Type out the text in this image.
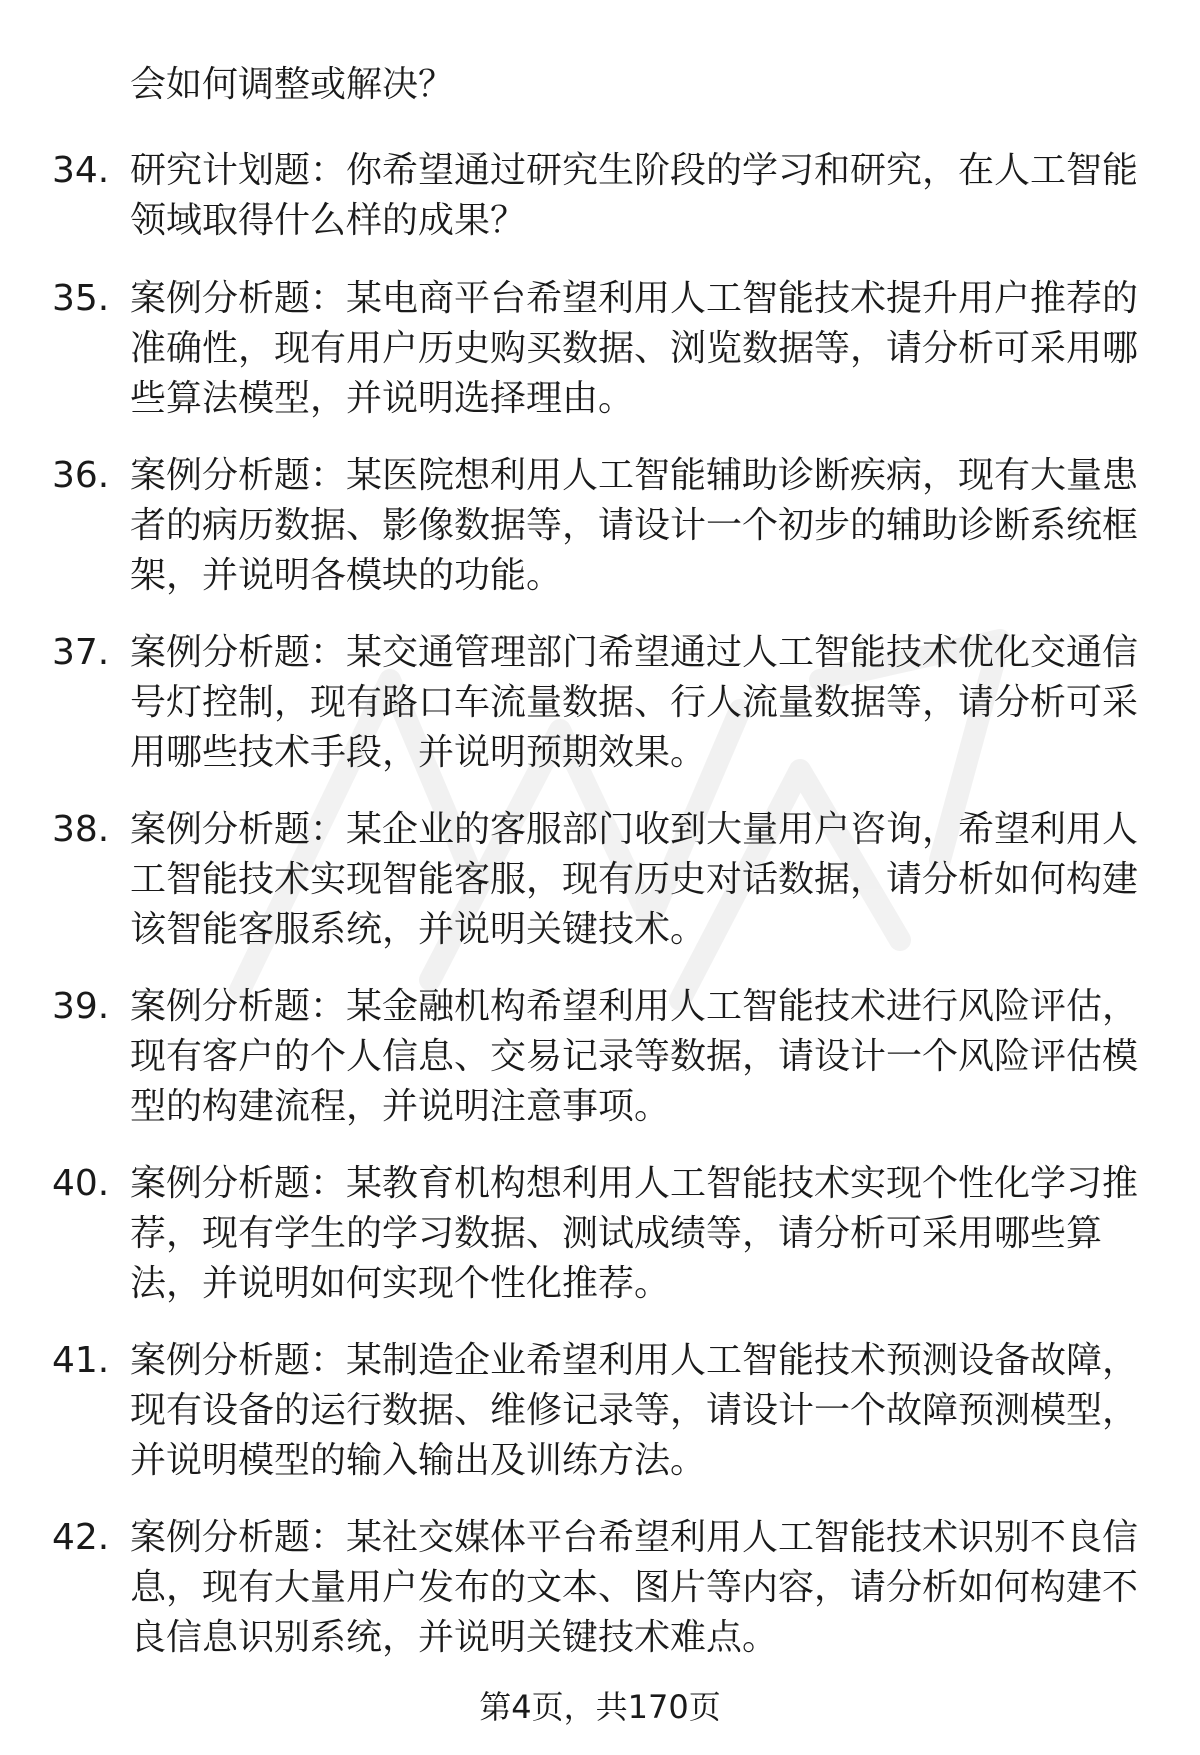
会如何调整或解决？
34. 研究计划题：你希望通过研究生阶段的学习和研究，在人工智能领域取得什么样的成果？
35. 案例分析题：某电商平台希望利用人工智能技术提升用户推荐的准确性，现有用户历史购买数据、浏览数据等，请分析可采用哪些算法模型，并说明选择理由。
36. 案例分析题：某医院想利用人工智能辅助诊断疾病，现有大量患者的病历数据、影像数据等，请设计一个初步的辅助诊断系统框架，并说明各模块的功能。
37. 案例分析题：某交通管理部门希望通过人工智能技术优化交通信号灯控制，现有路口车流量数据、行人流量数据等，请分析可采用哪些技术手段，并说明预期效果。
38. 案例分析题：某企业的客服部门收到大量用户咨询，希望利用人工智能技术实现智能客服，现有历史对话数据，请分析如何构建该智能客服系统，并说明关键技术。
39. 案例分析题：某金融机构希望利用人工智能技术进行风险评估，现有客户的个人信息、交易记录等数据，请设计一个风险评估模型的构建流程，并说明注意事项。
40. 案例分析题：某教育机构想利用人工智能技术实现个性化学习推荐，现有学生的学习数据、测试成绩等，请分析可采用哪些算法，并说明如何实现个性化推荐。
41. 案例分析题：某制造企业希望利用人工智能技术预测设备故障，现有设备的运行数据、维修记录等，请设计一个故障预测模型，并说明模型的输入输出及训练方法。
42. 案例分析题：某社交媒体平台希望利用人工智能技术识别不良信息，现有大量用户发布的文本、图片等内容，请分析如何构建不良信息识别系统，并说明关键技术难点。
第4页，共170页
